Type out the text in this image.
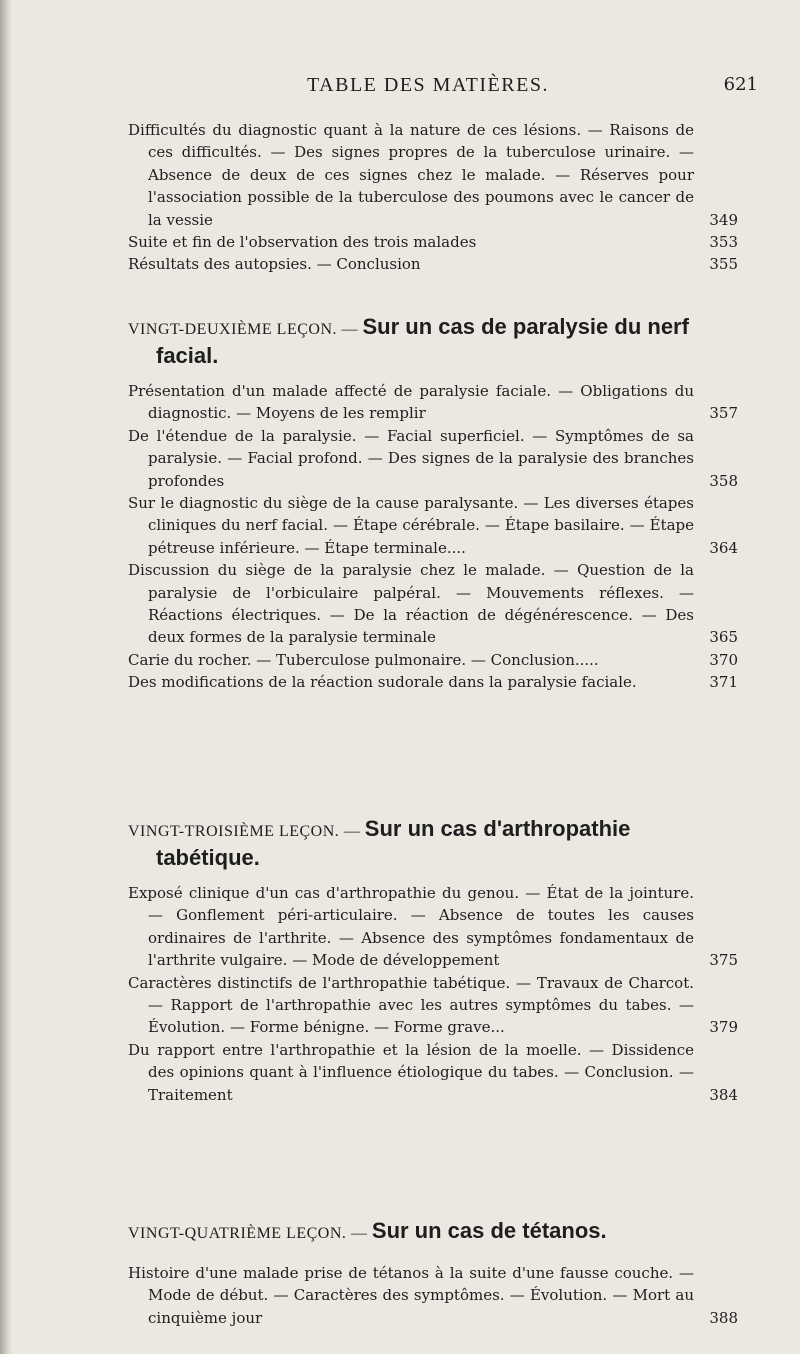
TABLE DES MATIÈRES.	621
Difficultés du diagnostic quant à la nature de ces lésions. — Raisons de ces difficultés. — Des signes propres de la tuberculose urinaire. — Absence de deux de ces signes chez le malade. — Réserves pour l'association possible de la tuberculose des poumons avec le cancer de la vessie	349
Suite et fin de l'observation des trois malades	353
Résultats des autopsies. — Conclusion	355
VINGT-DEUXIÈME LEÇON. — Sur un cas de paralysie du nerf facial.
Présentation d'un malade affecté de paralysie faciale. — Obligations du diagnostic. — Moyens de les remplir	357
De l'étendue de la paralysie. — Facial superficiel. — Symptômes de sa paralysie. — Facial profond. — Des signes de la paralysie des branches profondes	358
Sur le diagnostic du siège de la cause paralysante. — Les diverses étapes cliniques du nerf facial. — Étape cérébrale. — Étape basilaire. — Étape pétreuse inférieure. — Étape terminale....	364
Discussion du siège de la paralysie chez le malade. — Question de la paralysie de l'orbiculaire palpéral. — Mouvements réflexes. — Réactions électriques. — De la réaction de dégénérescence. — Des deux formes de la paralysie terminale	365
Carie du rocher. — Tuberculose pulmonaire. — Conclusion.....	370
Des modifications de la réaction sudorale dans la paralysie faciale.	371
VINGT-TROISIÈME LEÇON. — Sur un cas d'arthropathie tabétique.
Exposé clinique d'un cas d'arthropathie du genou. — État de la jointure. — Gonflement péri-articulaire. — Absence de toutes les causes ordinaires de l'arthrite. — Absence des symptômes fondamentaux de l'arthrite vulgaire. — Mode de développement	375
Caractères distinctifs de l'arthropathie tabétique. — Travaux de Charcot. — Rapport de l'arthropathie avec les autres symptômes du tabes. — Évolution. — Forme bénigne. — Forme grave...	379
Du rapport entre l'arthropathie et la lésion de la moelle. — Dissidence des opinions quant à l'influence étiologique du tabes. — Conclusion. — Traitement	384
VINGT-QUATRIÈME LEÇON. — Sur un cas de tétanos.
Histoire d'une malade prise de tétanos à la suite d'une fausse couche. — Mode de début. — Caractères des symptômes. — Évolution. — Mort au cinquième jour	388
